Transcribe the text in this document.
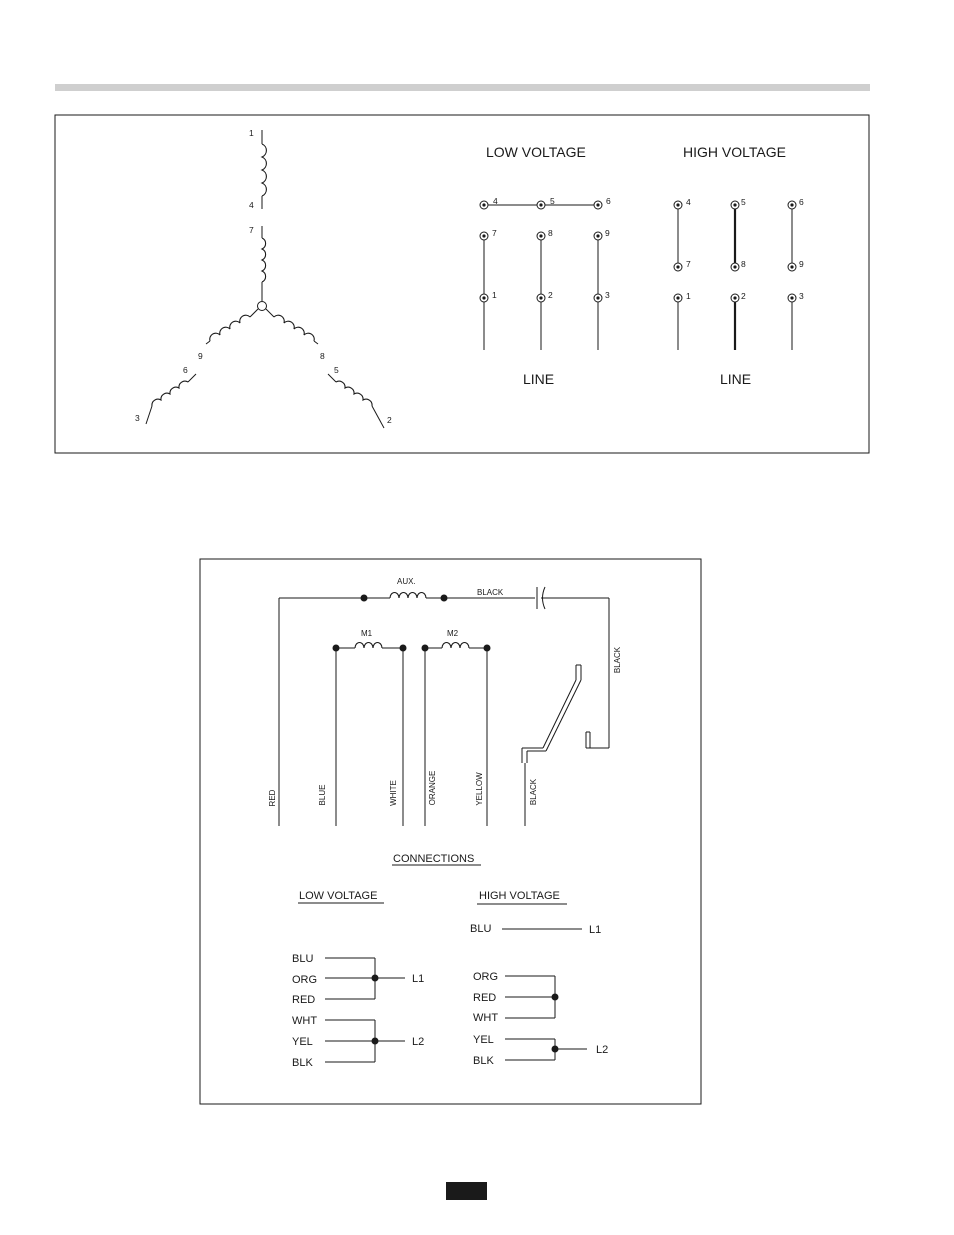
1
4
7
9
6
3
8
5
2
LOW VOLTAGE
4	5	6
7	8	9
1	2	3
LINE
HIGH VOLTAGE
4	5	6
7	8	9
1	2	3
LINE
AUX.
BLACK
BLACK
M1	M2
RED	BLUE	WHITE	ORANGE	YELLOW	BLACK
CONNECTIONS
LOW VOLTAGE	HIGH VOLTAGE
BLU
ORG
RED
L1
WHT
YEL
BLK
L2
BLU	L1
ORG
RED
WHT
YEL
BLK
L2
